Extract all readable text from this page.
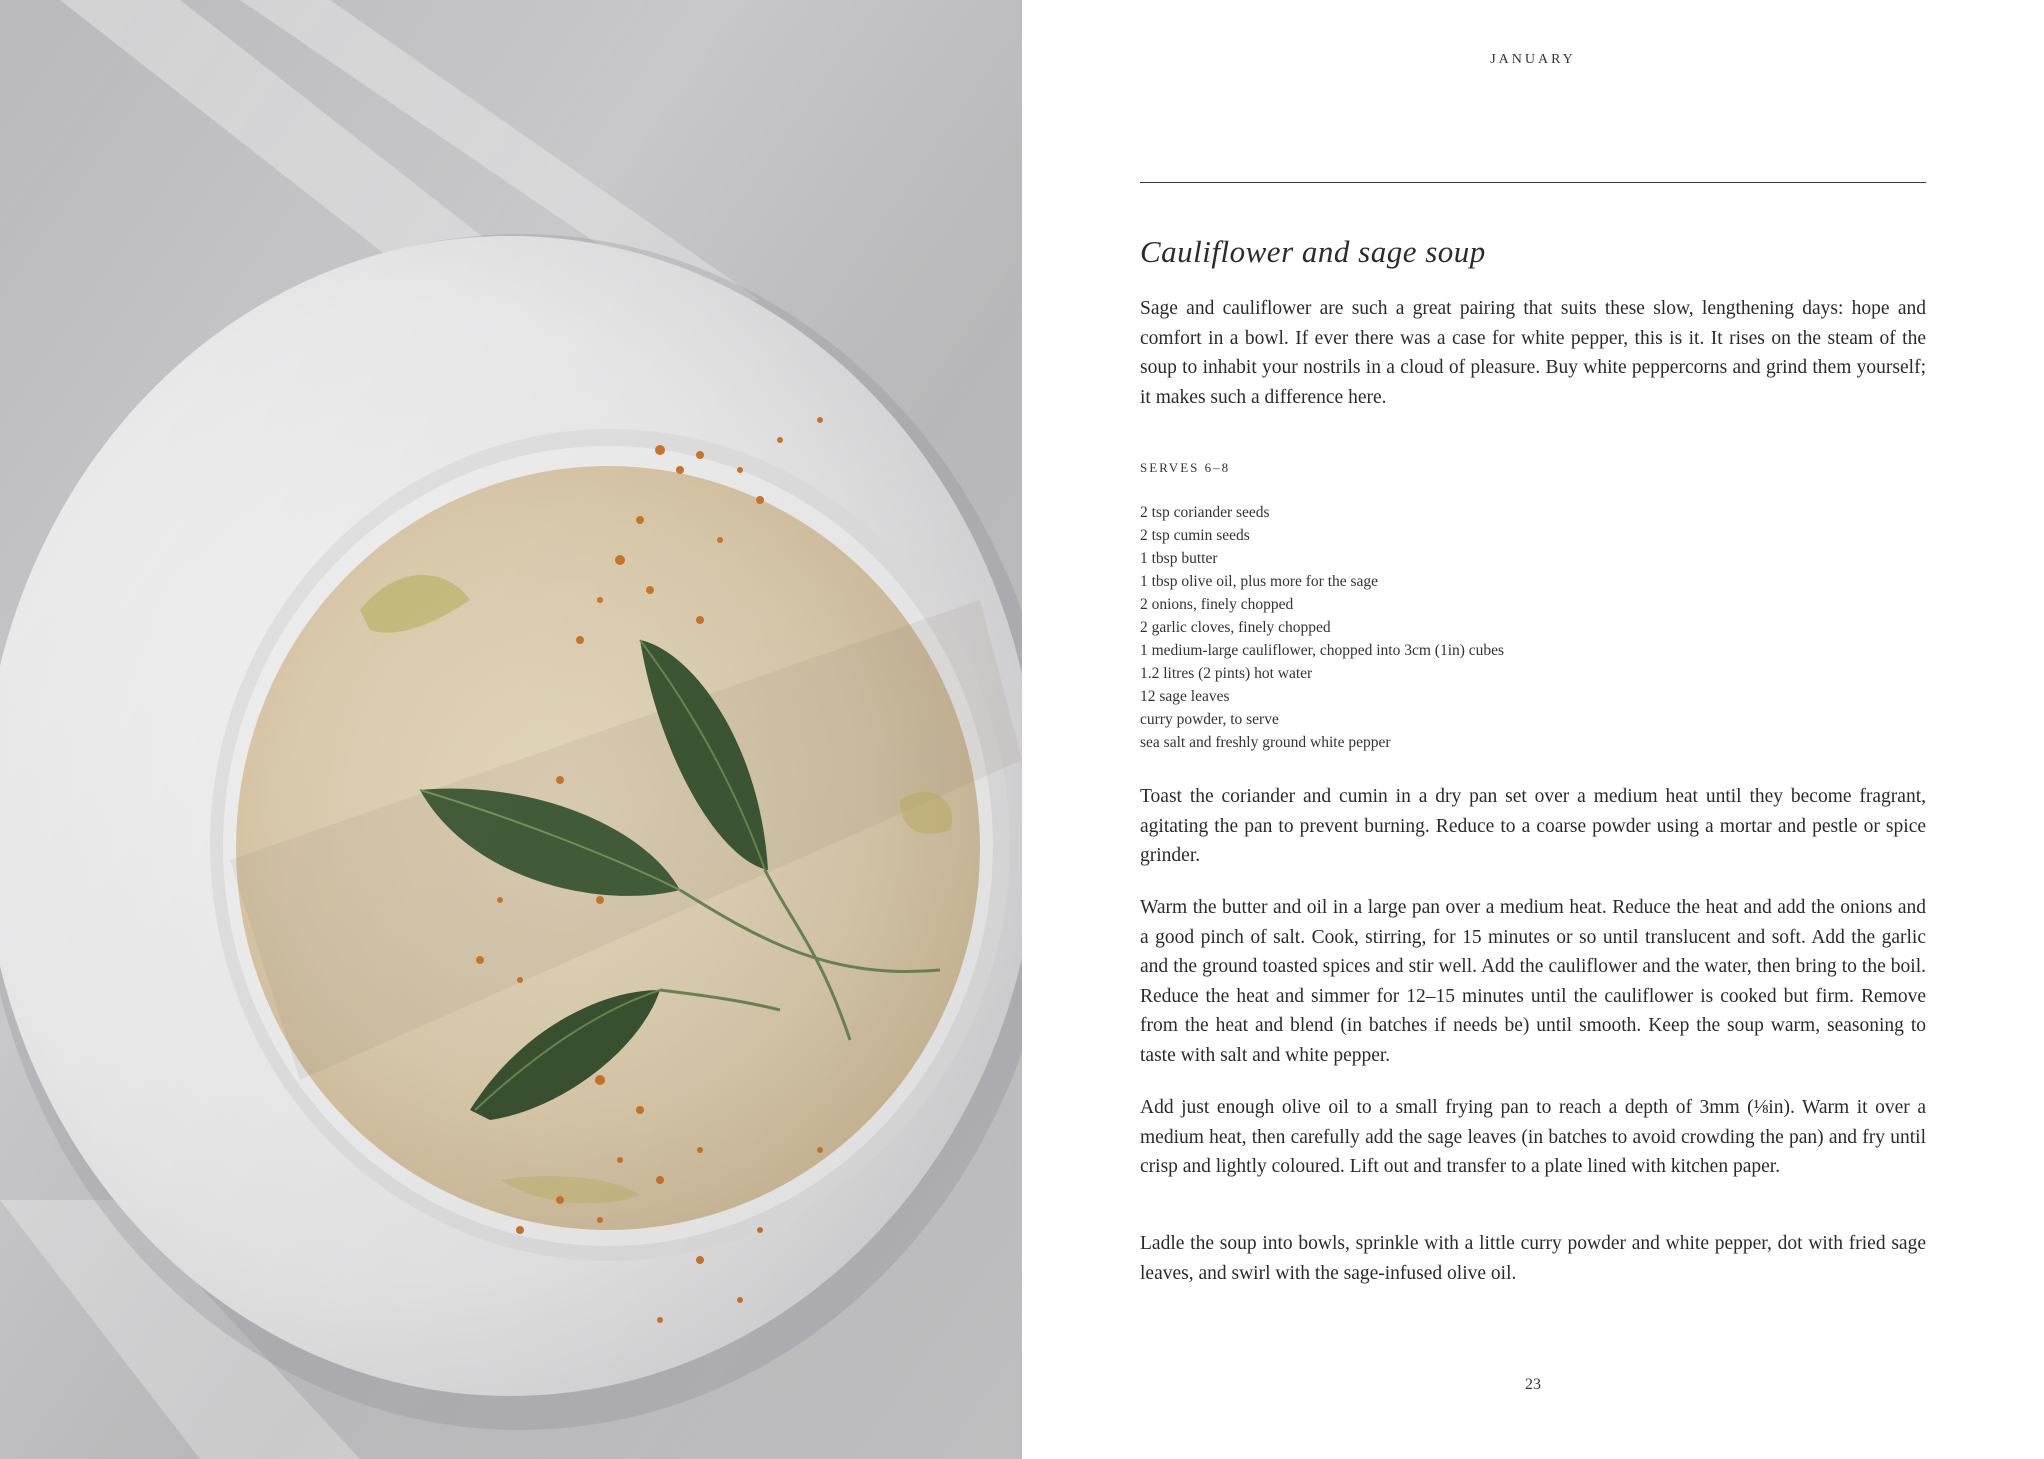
JANUARY
Cauliflower and sage soup

Sage and cauliflower are such a great pairing that suits these slow, lengthening days: hope and comfort in a bowl. If ever there was a case for white pepper, this is it. It rises on the steam of the soup to inhabit your nostrils in a cloud of pleasure. Buy white peppercorns and grind them yourself; it makes such a difference here.

SERVES 6–8

2 tsp coriander seeds
2 tsp cumin seeds
1 tbsp butter
1 tbsp olive oil, plus more for the sage
2 onions, finely chopped
2 garlic cloves, finely chopped
1 medium-large cauliflower, chopped into 3cm (1in) cubes
1.2 litres (2 pints) hot water
12 sage leaves
curry powder, to serve
sea salt and freshly ground white pepper

Toast the coriander and cumin in a dry pan set over a medium heat until they become fragrant, agitating the pan to prevent burning. Reduce to a coarse powder using a mortar and pestle or spice grinder.

Warm the butter and oil in a large pan over a medium heat. Reduce the heat and add the onions and a good pinch of salt. Cook, stirring, for 15 minutes or so until translucent and soft. Add the garlic and the ground toasted spices and stir well. Add the cauliflower and the water, then bring to the boil. Reduce the heat and simmer for 12–15 minutes until the cauliflower is cooked but firm. Remove from the heat and blend (in batches if needs be) until smooth. Keep the soup warm, seasoning to taste with salt and white pepper.

Add just enough olive oil to a small frying pan to reach a depth of 3mm (⅛in). Warm it over a medium heat, then carefully add the sage leaves (in batches to avoid crowding the pan) and fry until crisp and lightly coloured. Lift out and transfer to a plate lined with kitchen paper.

Ladle the soup into bowls, sprinkle with a little curry powder and white pepper, dot with fried sage leaves, and swirl with the sage-infused olive oil.

23
